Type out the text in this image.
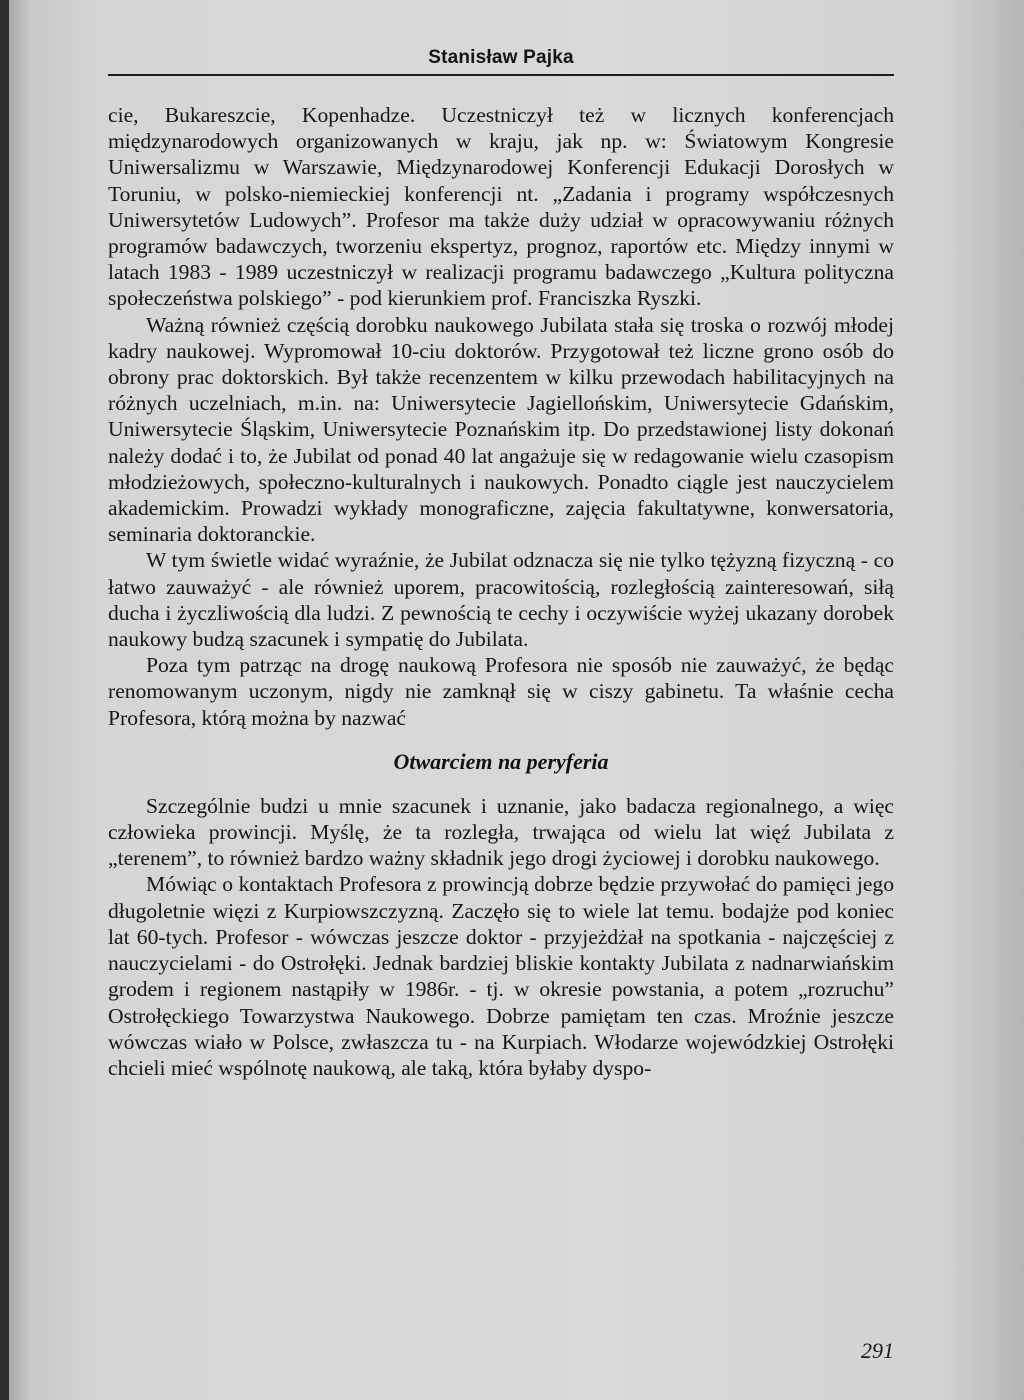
Stanisław Pajka

cie, Bukareszcie, Kopenhadze. Uczestniczył też w licznych konferencjach międzynarodowych organizowanych w kraju, jak np. w: Światowym Kongresie Uniwersalizmu w Warszawie, Międzynarodowej Konferencji Edukacji Dorosłych w Toruniu, w polsko-niemieckiej konferencji nt. „Zadania i programy współczesnych Uniwersytetów Ludowych”. Profesor ma także duży udział w opracowywaniu różnych programów badawczych, tworzeniu ekspertyz, prognoz, raportów etc. Między innymi w latach 1983 - 1989 uczestniczył w realizacji programu badawczego „Kultura polityczna społeczeństwa polskiego” - pod kierunkiem prof. Franciszka Ryszki.

Ważną również częścią dorobku naukowego Jubilata stała się troska o rozwój młodej kadry naukowej. Wypromował 10-ciu doktorów. Przygotował też liczne grono osób do obrony prac doktorskich. Był także recenzentem w kilku przewodach habilitacyjnych na różnych uczelniach, m.in. na: Uniwersytecie Jagiellońskim, Uniwersytecie Gdańskim, Uniwersytecie Śląskim, Uniwersytecie Poznańskim itp. Do przedstawionej listy dokonań należy dodać i to, że Jubilat od ponad 40 lat angażuje się w redagowanie wielu czasopism młodzieżowych, społeczno-kulturalnych i naukowych. Ponadto ciągle jest nauczycielem akademickim. Prowadzi wykłady monograficzne, zajęcia fakultatywne, konwersatoria, seminaria doktoranckie.

W tym świetle widać wyraźnie, że Jubilat odznacza się nie tylko tężyzną fizyczną - co łatwo zauważyć - ale również uporem, pracowitością, rozległością zainteresowań, siłą ducha i życzliwością dla ludzi. Z pewnością te cechy i oczywiście wyżej ukazany dorobek naukowy budzą szacunek i sympatię do Jubilata.

Poza tym patrząc na drogę naukową Profesora nie sposób nie zauważyć, że będąc renomowanym uczonym, nigdy nie zamknął się w ciszy gabinetu. Ta właśnie cecha Profesora, którą można by nazwać

Otwarciem na peryferia

Szczególnie budzi u mnie szacunek i uznanie, jako badacza regionalnego, a więc człowieka prowincji. Myślę, że ta rozległa, trwająca od wielu lat więź Jubilata z „terenem”, to również bardzo ważny składnik jego drogi życiowej i dorobku naukowego.

Mówiąc o kontaktach Profesora z prowincją dobrze będzie przywołać do pamięci jego długoletnie więzi z Kurpiowszczyzną. Zaczęło się to wiele lat temu. bodajże pod koniec lat 60-tych. Profesor - wówczas jeszcze doktor - przyjeżdżał na spotkania - najczęściej z nauczycielami - do Ostrołęki. Jednak bardziej bliskie kontakty Jubilata z nadnarwiańskim grodem i regionem nastąpiły w 1986r. - tj. w okresie powstania, a potem „rozruchu” Ostrołęckiego Towarzystwa Naukowego. Dobrze pamiętam ten czas. Mroźnie jeszcze wówczas wiało w Polsce, zwłaszcza tu - na Kurpiach. Włodarze wojewódzkiej Ostrołęki chcieli mieć wspólnotę naukową, ale taką, która byłaby dyspo-

291
